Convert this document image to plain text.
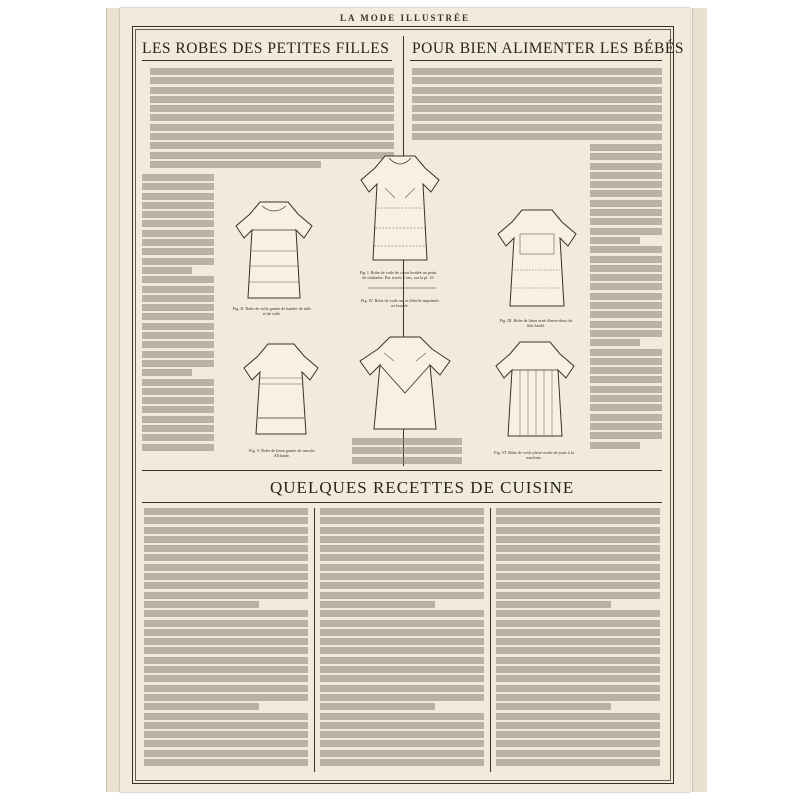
LA MODE ILLUSTRÉE
LES ROBES DES PETITES FILLES POUR BIEN ALIMENTER LES BÉBÉS
Fig. I. Robe de voile de coton brodée au point de chaînette. Pat. tracée 5 ans, sur la pl. 23
Fig. II. Robe de voile garnie de bandes de tulle et de voile.
Fig. III. Robe de linon orné d'entre-deux de filet brodé.
Fig. IV. Robe de voile uni et d'étoffe imprimée ou brodée.
Fig. V. Robe de linon garnie de smocks d'Irlande.
Fig. VI. Robe de voile plissé ornée de jours à la machine.
QUELQUES RECETTES DE CUISINE
